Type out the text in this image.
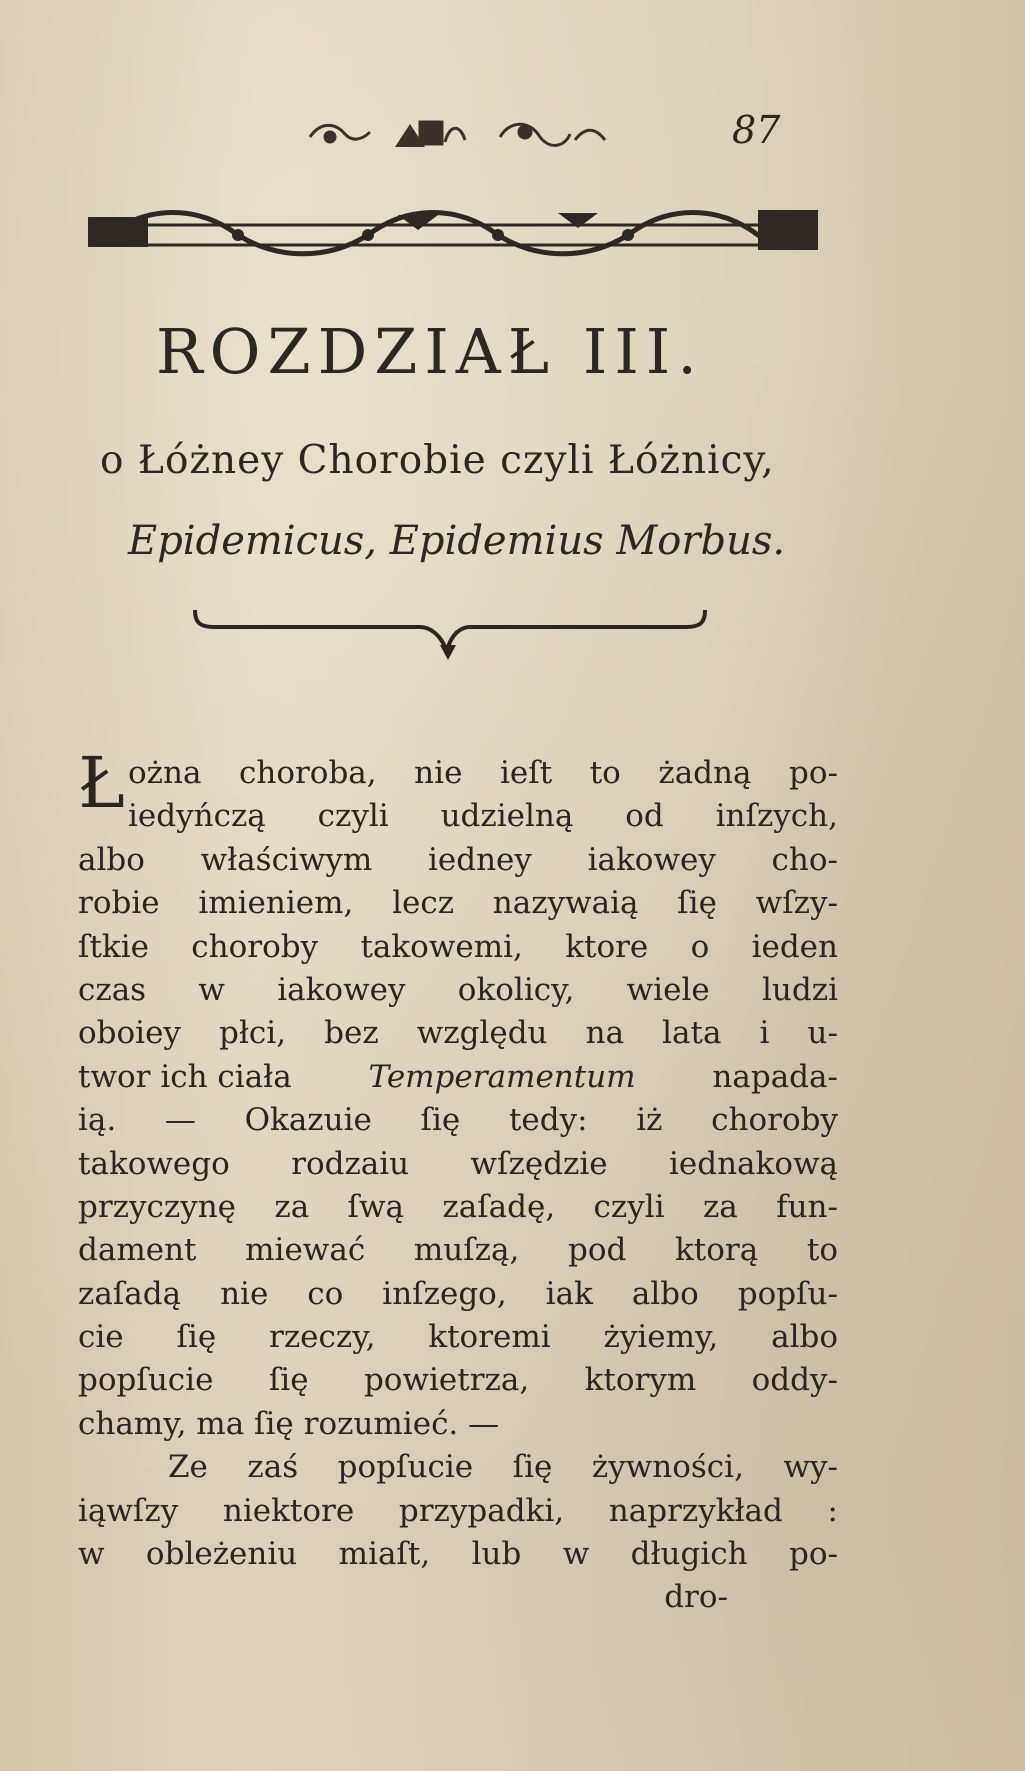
87
ROZDZIAŁ III.
o Łóżney Chorobie czyli Łóżnicy,
Epidemicus, Epidemius Morbus.
Ł ożna choroba, nie ieſt to żadną po-
iedyńczą czyli udzielną od inſzych,
albo właściwym iedney iakowey cho-
robie imieniem, lecz nazywaią ſię wſzy-
ſtkie choroby takowemi, ktore o ieden
czas w iakowey okolicy, wiele ludzi
oboiey płci, bez względu na lata i u-
twor ich ciała Temperamentum napada-
ią. — Okazuie ſię tedy: iż choroby
takowego rodzaiu wſzędzie iednakową
przyczynę za ſwą zaſadę, czyli za fun-
dament miewać muſzą, pod ktorą to
zaſadą nie co inſzego, iak albo popſu-
cie ſię rzeczy, ktoremi żyiemy, albo
popſucie ſię powietrza, ktorym oddy-
chamy, ma ſię rozumieć. —
Ze zaś popſucie ſię żywności, wy-
iąwſzy niektore przypadki, naprzykład :
w obleżeniu miaſt, lub w długich po-
dro-
